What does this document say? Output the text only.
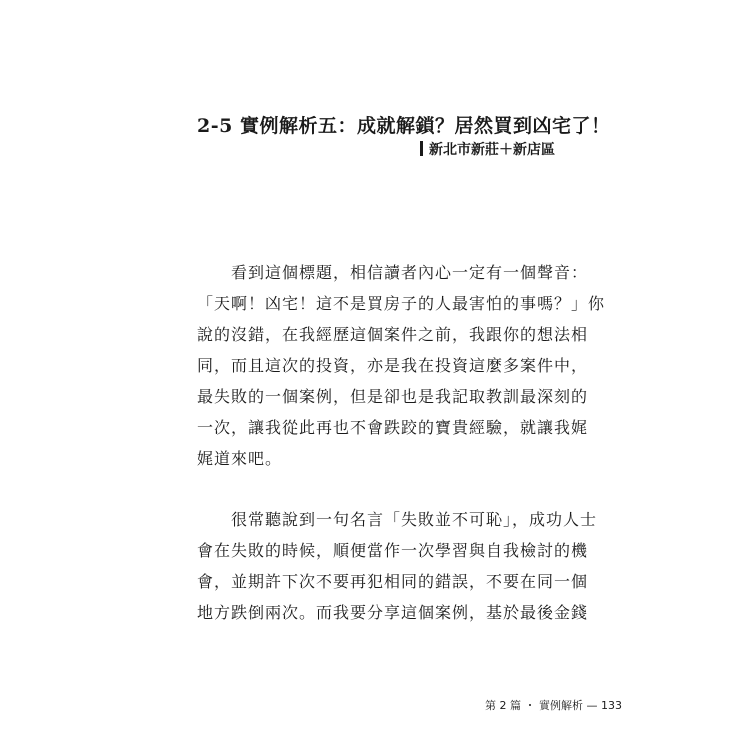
2-5 實例解析五：成就解鎖？居然買到凶宅了！
新北市新莊＋新店區
　　看到這個標題，相信讀者內心一定有一個聲音：
「天啊！凶宅！這不是買房子的人最害怕的事嗎？」你
說的沒錯，在我經歷這個案件之前，我跟你的想法相
同，而且這次的投資，亦是我在投資這麼多案件中，
最失敗的一個案例，但是卻也是我記取教訓最深刻的
一次，讓我從此再也不會跌跤的寶貴經驗，就讓我娓
娓道來吧。
　　很常聽說到一句名言「失敗並不可恥」，成功人士
會在失敗的時候，順便當作一次學習與自我檢討的機
會，並期許下次不要再犯相同的錯誤，不要在同一個
地方跌倒兩次。而我要分享這個案例，基於最後金錢
第 2 篇 ・ 實例解析 — 133
